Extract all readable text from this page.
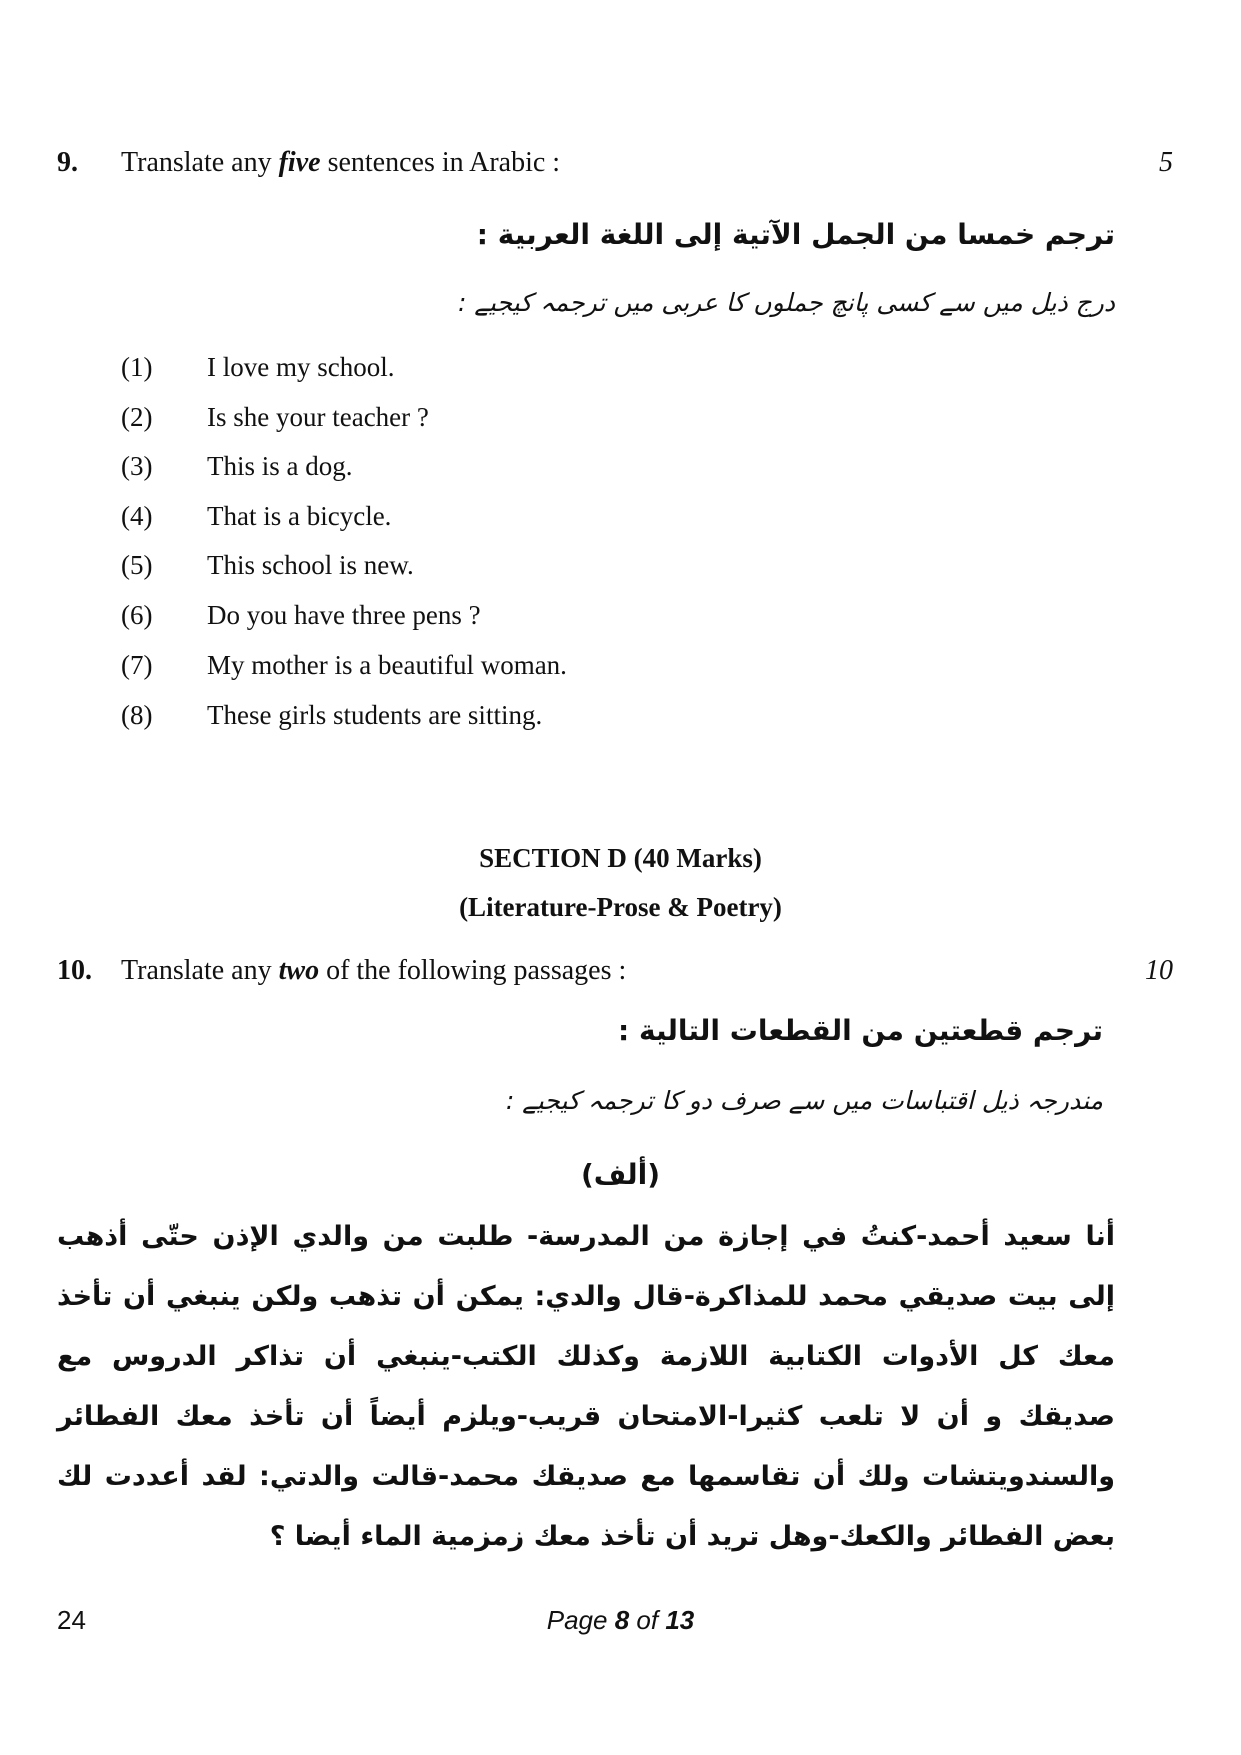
9. Translate any five sentences in Arabic :	5
ترجم خمسا من الجمل الآتية إلى اللغة العربية :
درج ذیل میں سے کسی پانچ جملوں کا عربی میں ترجمہ کیجیے :
(1) I love my school.
(2) Is she your teacher ?
(3) This is a dog.
(4) That is a bicycle.
(5) This school is new.
(6) Do you have three pens ?
(7) My mother is a beautiful woman.
(8) These girls students are sitting.
SECTION D (40 Marks)
(Literature-Prose & Poetry)
10. Translate any two of the following passages :	10
ترجم قطعتين من القطعات التالية :
مندرجہ ذیل اقتباسات میں سے صرف دو کا ترجمہ کیجیے :
(ألف)
أنا سعيد أحمد-كنتُ في إجازة من المدرسة- طلبت من والدي الإذن حتّى أذهب إلى بيت صديقي محمد للمذاكرة-قال والدي: يمكن أن تذهب ولكن ينبغي أن تأخذ معك كل الأدوات الكتابية اللازمة وكذلك الكتب-ينبغي أن تذاكر الدروس مع صديقك و أن لا تلعب كثيرا-الامتحان قريب-ويلزم أيضاً أن تأخذ معك الفطائر والسندويتشات ولك أن تقاسمها مع صديقك محمد-قالت والدتي: لقد أعددت لك بعض الفطائر والكعك-وهل تريد أن تأخذ معك زمزمية الماء أيضا ؟
24	Page 8 of 13
